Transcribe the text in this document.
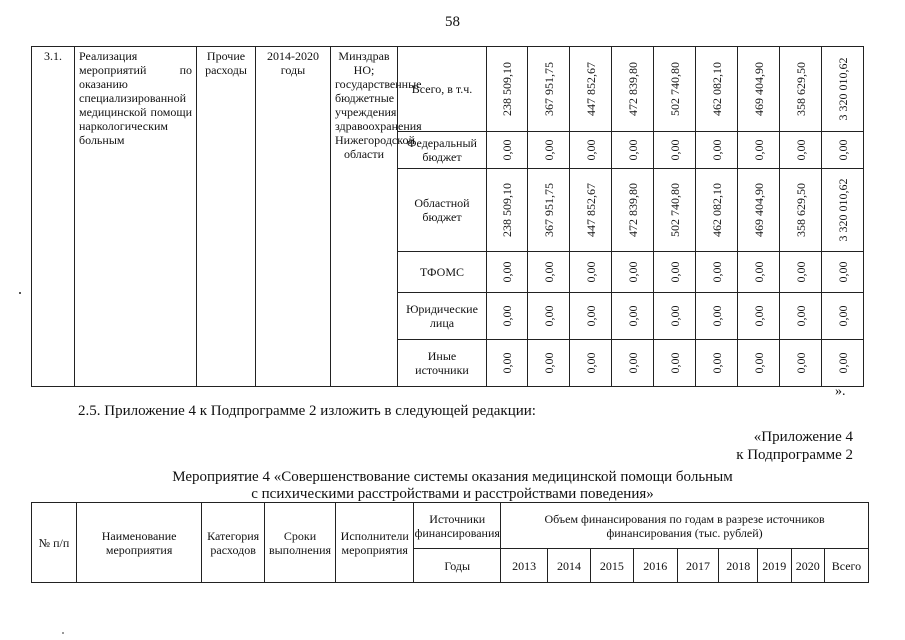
58
3.1.	Реализация мероприятий по оказанию специализированной медицинской помощи наркологическим больным	Прочие расходы	2014-2020 годы	Минздрав НО; государственные бюджетные учреждения здравоохранения Нижегородской области	Всего, в т.ч.	238 509,10	367 951,75	447 852,67	472 839,80	502 740,80	462 082,10	469 404,90	358 629,50	3 320 010,62

					Федеральный бюджет	0,00	0,00	0,00	0,00	0,00	0,00	0,00	0,00	0,00

					Областной бюджет	238 509,10	367 951,75	447 852,67	472 839,80	502 740,80	462 082,10	469 404,90	358 629,50	3 320 010,62

					ТФОМС	0,00	0,00	0,00	0,00	0,00	0,00	0,00	0,00	0,00

					Юридические лица	0,00	0,00	0,00	0,00	0,00	0,00	0,00	0,00	0,00

					Иные источники	0,00	0,00	0,00	0,00	0,00	0,00	0,00	0,00	0,00
».
2.5. Приложение 4 к Подпрограмме 2 изложить в следующей редакции:
«Приложение 4
к Подпрограмме 2
Мероприятие 4 «Совершенствование системы оказания медицинской помощи больным
с психическими расстройствами и расстройствами поведения»
№ п/п	Наименование мероприятия	Категория расходов	Сроки выполнения	Исполнители мероприятия	Источники финансирования	Объем финансирования по годам в разрезе источников финансирования (тыс. рублей)								
					Годы	2013	2014	2015	2016	2017	2018	2019	2020	Всего
